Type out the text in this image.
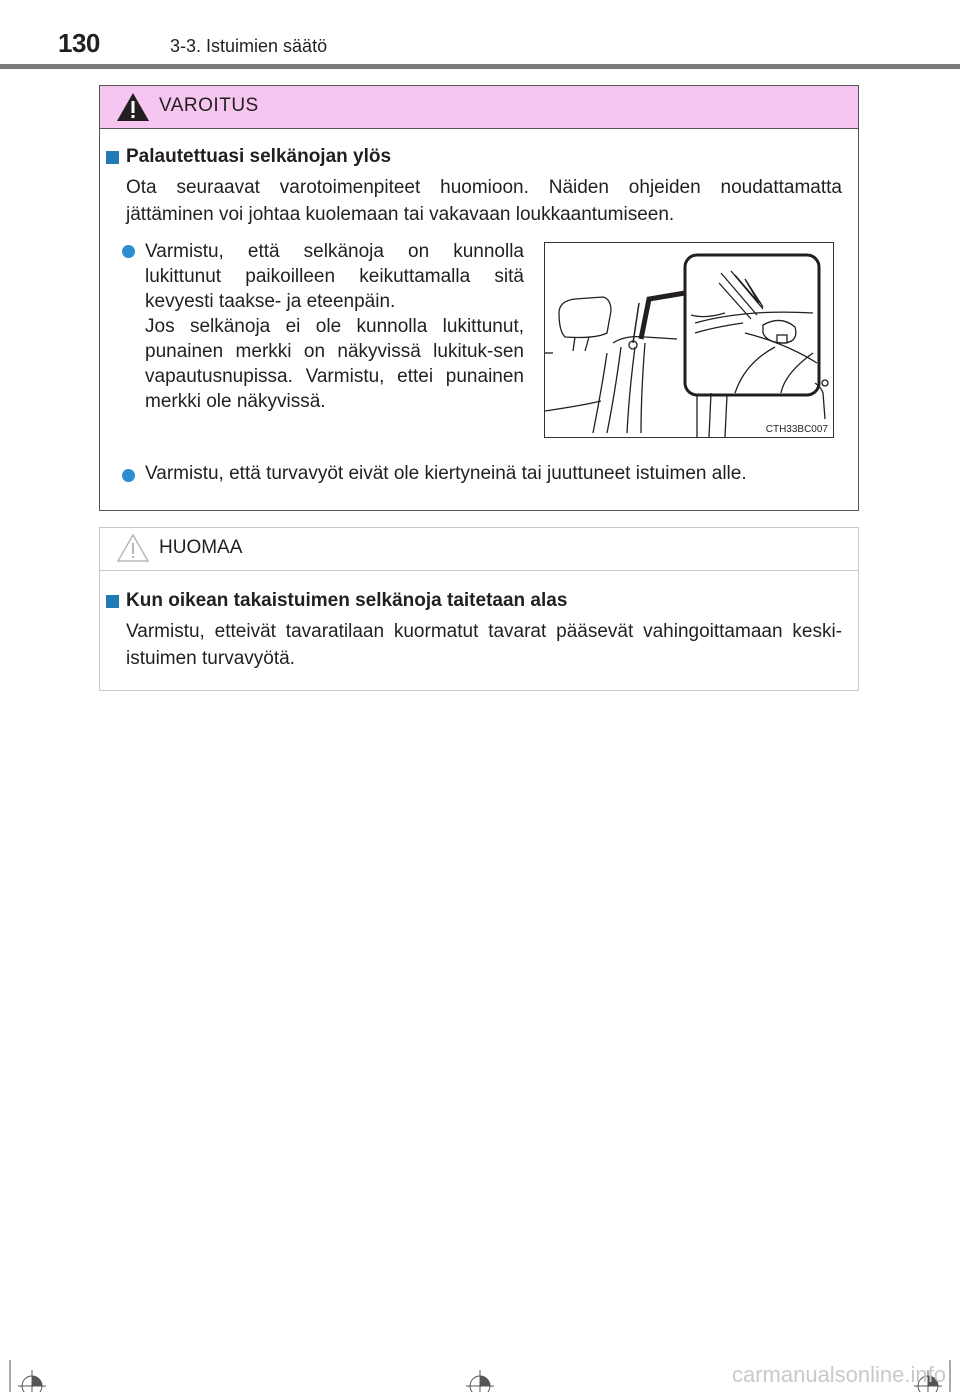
130	3-3. Istuimien säätö
VAROITUS
Palautettuasi selkänojan ylös
Ota seuraavat varotoimenpiteet huomioon. Näiden ohjeiden noudattamatta jättäminen voi johtaa kuolemaan tai vakavaan loukkaantumiseen.

Varmistu, että selkänoja on kunnolla lukittunut paikoilleen keikuttamalla sitä kevyesti taakse- ja eteenpäin.

Jos selkänoja ei ole kunnolla lukittunut, punainen merkki on näkyvissä lukituk-sen vapautusnupissa. Varmistu, ettei punainen merkki ole näkyvissä.

CTH33BC007
Varmistu, että turvavyöt eivät ole kiertyneinä tai juuttuneet istuimen alle.
HUOMAA
Kun oikean takaistuimen selkänoja taitetaan alas
Varmistu, etteivät tavaratilaan kuormatut tavarat pääsevät vahingoittamaan keski-istuimen turvavyötä.
carmanualsonline.info
